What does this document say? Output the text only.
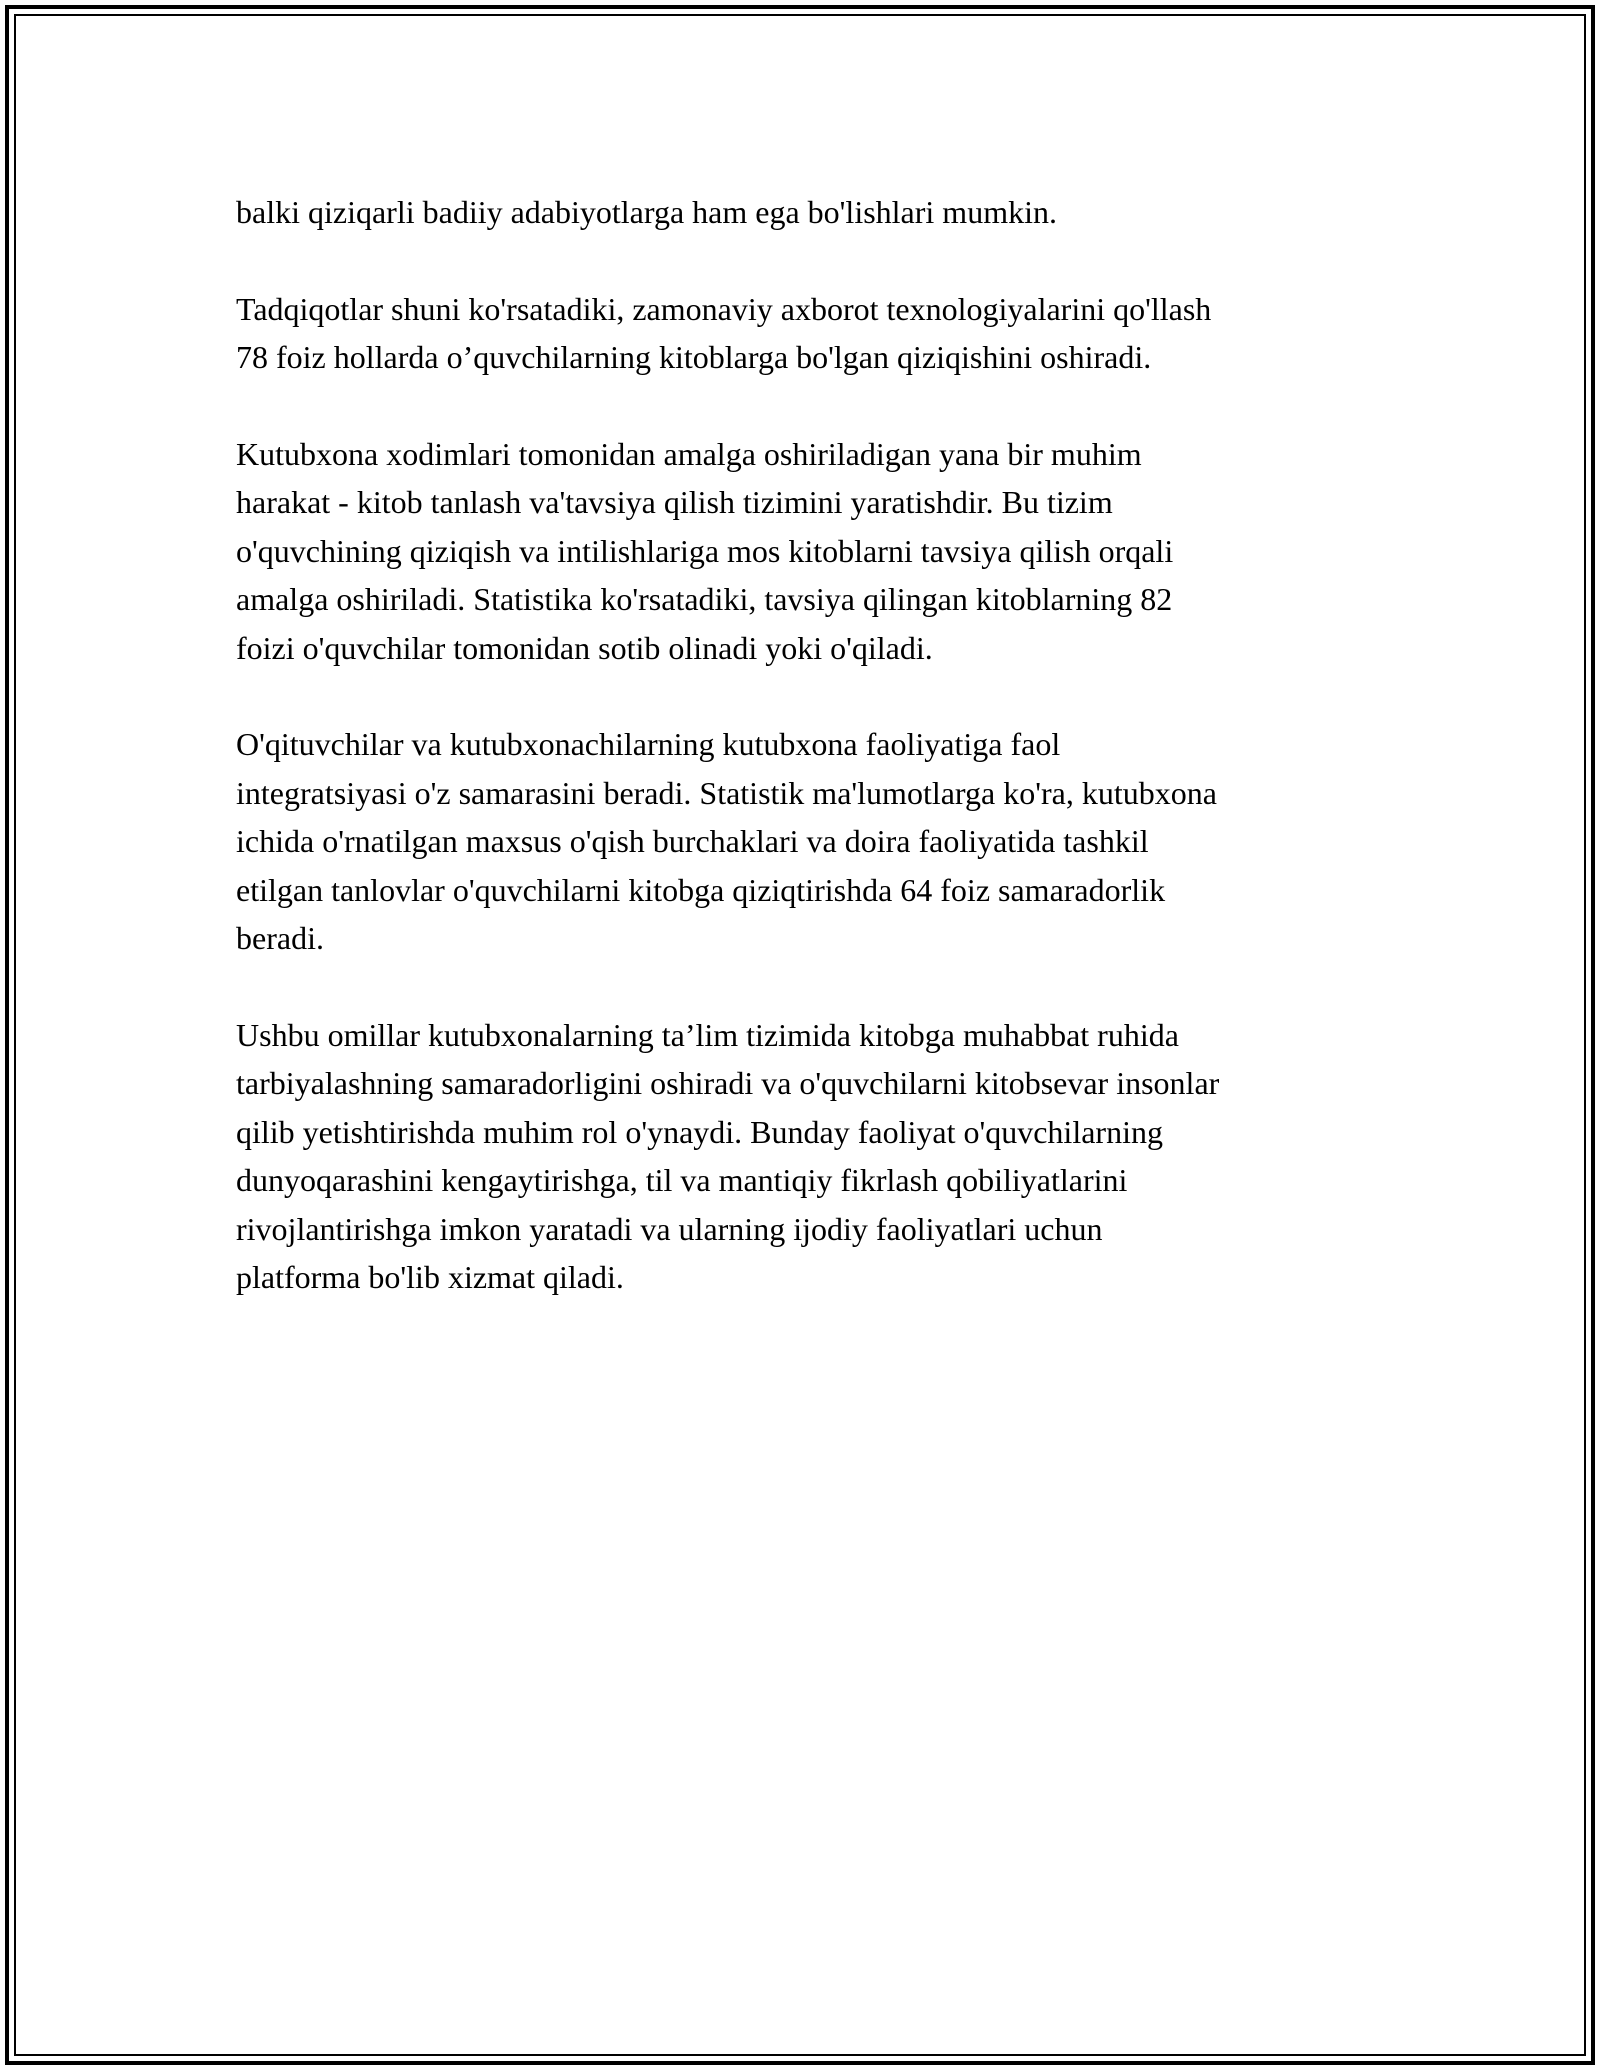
balki qiziqarli badiiy adabiyotlarga ham ega bo'lishlari mumkin.

Tadqiqotlar shuni ko'rsatadiki, zamonaviy axborot texnologiyalarini qo'llash
78 foiz hollarda o’quvchilarning kitoblarga bo'lgan qiziqishini oshiradi.

Kutubxona xodimlari tomonidan amalga oshiriladigan yana bir muhim
harakat - kitob tanlash va'tavsiya qilish tizimini yaratishdir. Bu tizim
o'quvchining qiziqish va intilishlariga mos kitoblarni tavsiya qilish orqali
amalga oshiriladi. Statistika ko'rsatadiki, tavsiya qilingan kitoblarning 82
foizi o'quvchilar tomonidan sotib olinadi yoki o'qiladi.

O'qituvchilar va kutubxonachilarning kutubxona faoliyatiga faol
integratsiyasi o'z samarasini beradi. Statistik ma'lumotlarga ko'ra, kutubxona
ichida o'rnatilgan maxsus o'qish burchaklari va doira faoliyatida tashkil
etilgan tanlovlar o'quvchilarni kitobga qiziqtirishda 64 foiz samaradorlik
beradi.

Ushbu omillar kutubxonalarning ta’lim tizimida kitobga muhabbat ruhida
tarbiyalashning samaradorligini oshiradi va o'quvchilarni kitobsevar insonlar
qilib yetishtirishda muhim rol o'ynaydi. Bunday faoliyat o'quvchilarning
dunyoqarashini kengaytirishga, til va mantiqiy fikrlash qobiliyatlarini
rivojlantirishga imkon yaratadi va ularning ijodiy faoliyatlari uchun
platforma bo'lib xizmat qiladi.
